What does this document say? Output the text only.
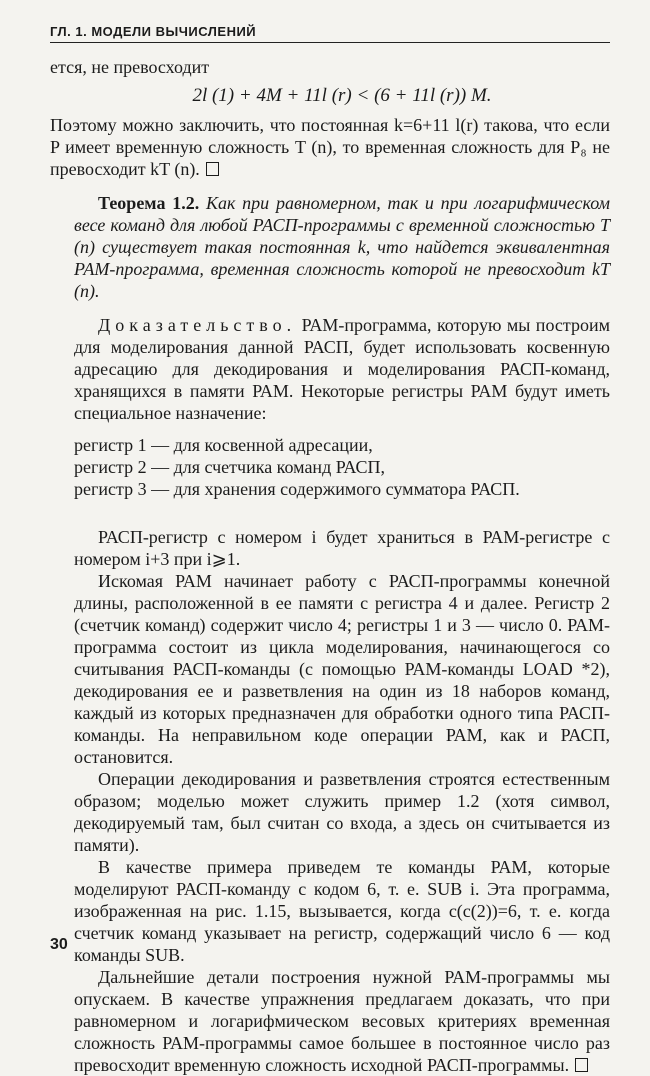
ГЛ. 1. МОДЕЛИ ВЫЧИСЛЕНИЙ

ется, не превосходит

2l (1) + 4M + 11l (r) < (6 + 11l (r)) M.

Поэтому можно заключить, что постоянная k=6+11 l(r) такова, что если P имеет временную сложность T (n), то временная сложность для P₈ не превосходит kT (n).

Теорема 1.2. Как при равномерном, так и при логарифмическом весе команд для любой РАСП-программы с временной сложностью T (n) существует такая постоянная k, что найдется эквивалентная РАМ-программа, временная сложность которой не превосходит kT (n).

Доказательство. РАМ-программа, которую мы построим для моделирования данной РАСП, будет использовать косвенную адресацию для декодирования и моделирования РАСП-команд, хранящихся в памяти РАМ. Некоторые регистры РАМ будут иметь специальное назначение:

регистр 1 — для косвенной адресации,
регистр 2 — для счетчика команд РАСП,
регистр 3 — для хранения содержимого сумматора РАСП.

РАСП-регистр с номером i будет храниться в РАМ-регистре с номером i+3 при i⩾1.

Искомая РАМ начинает работу с РАСП-программы конечной длины, расположенной в ее памяти с регистра 4 и далее. Регистр 2 (счетчик команд) содержит число 4; регистры 1 и 3 — число 0. РАМ-программа состоит из цикла моделирования, начинающегося со считывания РАСП-команды (с помощью РАМ-команды LOAD *2), декодирования ее и разветвления на один из 18 наборов команд, каждый из которых предназначен для обработки одного типа РАСП-команды. На неправильном коде операции РАМ, как и РАСП, остановится.

Операции декодирования и разветвления строятся естественным образом; моделью может служить пример 1.2 (хотя символ, декодируемый там, был считан со входа, а здесь он считывается из памяти).

В качестве примера приведем те команды РАМ, которые моделируют РАСП-команду с кодом 6, т. е. SUB i. Эта программа, изображенная на рис. 1.15, вызывается, когда c(c(2))=6, т. е. когда счетчик команд указывает на регистр, содержащий число 6 — код команды SUB.

Дальнейшие детали построения нужной РАМ-программы мы опускаем. В качестве упражнения предлагаем доказать, что при равномерном и логарифмическом весовых критериях временная сложность РАМ-программы самое большее в постоянное число раз превосходит временную сложность исходной РАСП-программы.

30
